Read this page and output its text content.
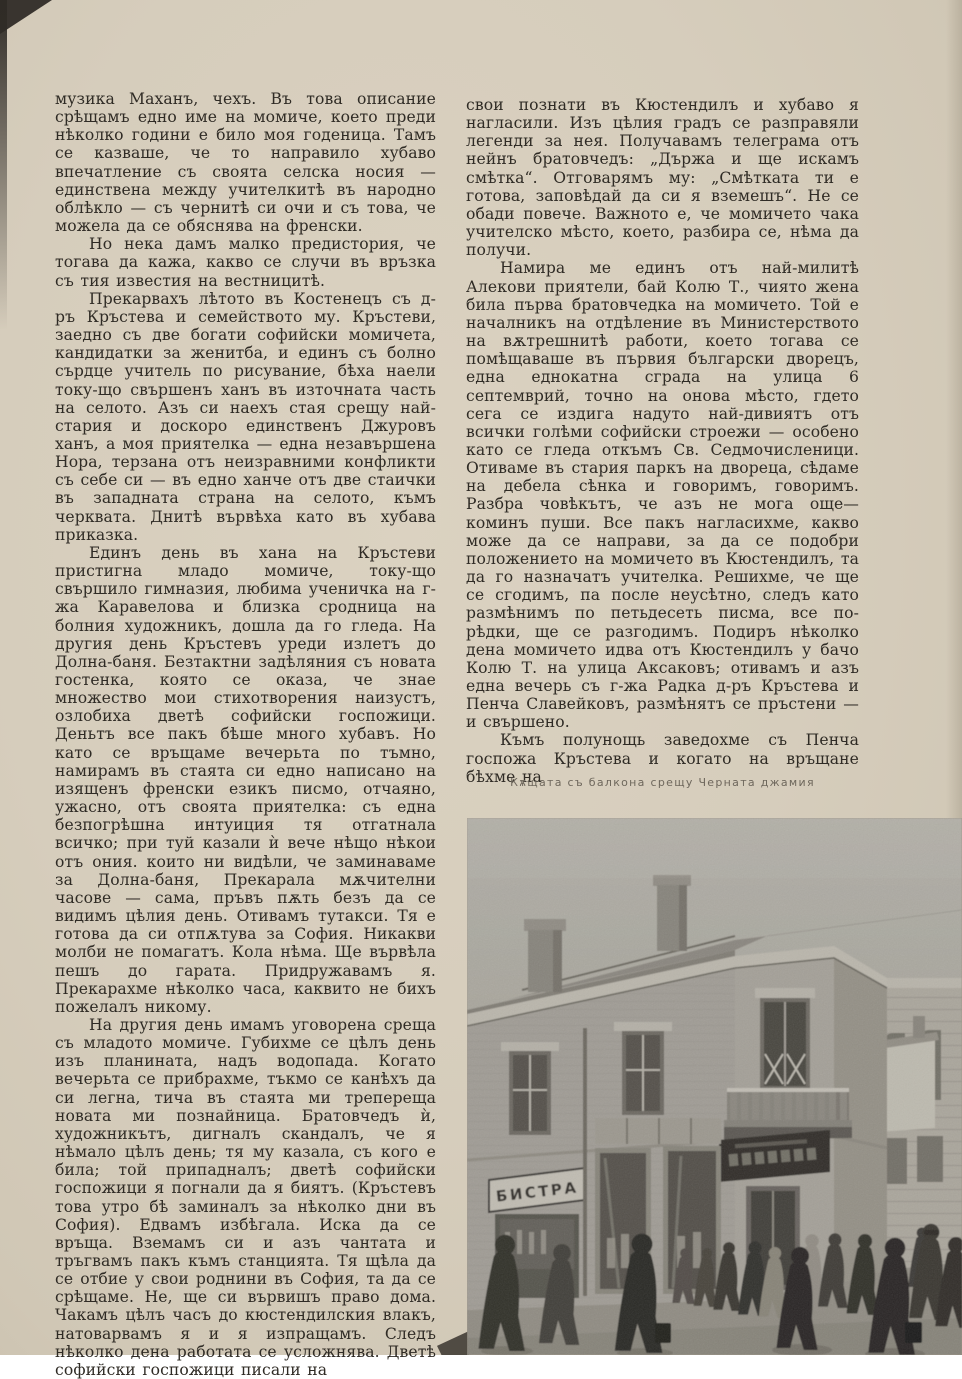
музика Маханъ, чехъ. Въ това описание срѣщамъ едно име на момиче, което преди нѣколко години е било моя годеница. Тамъ се казваше, че то направило хубаво впечатление съ своята селска носия — единствена между учителкитѣ въ народно облѣкло — съ чернитѣ си очи и съ това, че можела да се обяснява на френски.

Но нека дамъ малко предистория, че тогава да кажа, какво се случи въ връзка съ тия известия на вестницитѣ.

Прекарвахъ лѣтото въ Костенецъ съ д-ръ Кръстева и семейството му. Кръстеви, заедно съ две богати софийски момичета, кандидатки за женитба, и единъ съ болно сърдце учитель по рисувание, бѣха наели току-що свършенъ ханъ въ източната часть на селото. Азъ си наехъ стая срещу най-стария и доскоро единственъ Джуровъ ханъ, а моя приятелка — една незавършена Нора, терзана отъ неизравними конфликти съ себе си — въ едно ханче отъ две стаички въ западната страна на селото, къмъ черквата. Днитѣ вървѣха като въ хубава приказка.

Единъ день въ хана на Кръстеви пристигна младо момиче, току-що свършило гимназия, любима ученичка на г-жа Каравелова и близка сродница на болния художникъ, дошла да го гледа. На другия день Кръстевъ уреди излетъ до Долна-баня. Безтактни задѣляния съ новата гостенка, която се оказа, че знае множество мои стихотворения наизустъ, озлобиха дветѣ софийски госпожици. Деньтъ все пакъ бѣше много хубавъ. Но като се връщаме вечерьта по тъмно, намирамъ въ стаята си едно написано на изященъ френски езикъ писмо, отчаяно, ужасно, отъ своята приятелка: съ една безпогрѣшна интуиция тя отгатнала всичко; при туй казали ѝ вече нѣщо нѣкои отъ ония. които ни видѣли, че заминаваме за Долна-баня, Прекарала мѫчителни часове — сама, пръвъ пѫть безъ да се видимъ цѣлия день. Отивамъ тутакси. Тя е готова да си отпѫтува за София. Никакви молби не помагатъ. Кола нѣма. Ще вървѣла пешъ до гарата. Придружавамъ я. Прекарахме нѣколко часа, каквито не бихъ пожелалъ никому.

На другия день имамъ уговорена среща съ младото момиче. Губихме се цѣлъ день изъ планината, надъ водопада. Когато вечерьта се прибрахме, тъкмо се канѣхъ да си легна, тича въ стаята ми трепереща новата ми познайница. Братовчедъ ѝ, художникътъ, дигналъ скандалъ, че я нѣмало цѣлъ день; тя му казала, съ кого е била; той припадналъ; дветѣ софийски госпожици я погнали да я биятъ. (Кръстевъ това утро бѣ заминалъ за нѣколко дни въ София). Едвамъ избѣгала. Иска да се връща. Вземамъ си и азъ чантата и тръгвамъ пакъ къмъ станцията. Тя щѣла да се отбие у свои роднини въ София, та да се срѣщаме. Не, ще си вървишъ право дома. Чакамъ цѣлъ часъ до кюстендилския влакъ, натоварвамъ я и я изпращамъ. Следъ нѣколко дена работата се усложнява. Дветѣ софийски госпожици писали на

свои познати въ Кюстендилъ и хубаво я нагласили. Изъ цѣлия градъ се разправяли легенди за нея. Получавамъ телеграма отъ нейнъ братовчедъ: „Държа и ще искамъ смѣтка“. Отговарямъ му: „Смѣтката ти е готова, заповѣдай да си я вземешъ“. Не се обади повече. Важното е, че момичето чака учителско мѣсто, което, разбира се, нѣма да получи.

Намира ме единъ отъ най-милитѣ Алекови приятели, бай Колю Т., чиято жена била първа братовчедка на момичето. Той е началникъ на отдѣление въ Министерството на вѫтрешнитѣ работи, което тогава се помѣщаваше въ първия български дворецъ, една еднокатна сграда на улица 6 септемврий, точно на онова мѣсто, гдето сега се издига надуто най-дивиятъ отъ всички голѣми софийски строежи — особено като се гледа откъмъ Св. Седмочисленици. Отиваме въ стария паркъ на двореца, сѣдаме на дебела сѣнка и говоримъ, говоримъ. Разбра човѣкътъ, че азъ не мога още—коминъ пуши. Все пакъ нагласихме, какво може да се направи, за да се подобри положението на момичето въ Кюстендилъ, та да го назначатъ учителка. Решихме, че ще се сгодимъ, па после неусѣтно, следъ като размѣнимъ по петьдесеть писма, все по-рѣдки, ще се разгодимъ. Подиръ нѣколко дена момичето идва отъ Кюстендилъ у бачо Колю Т. на улица Аксаковъ; отивамъ и азъ една вечерь съ г-жа Радка д-ръ Кръстева и Пенча Славейковъ, размѣнятъ се пръстени — и свършено.

Къмъ полунощь заведохме съ Пенча госпожа Кръстева и когато на връщане бѣхме на

Кѫщата съ балкона срещу Черната джамия
БИСТРА
